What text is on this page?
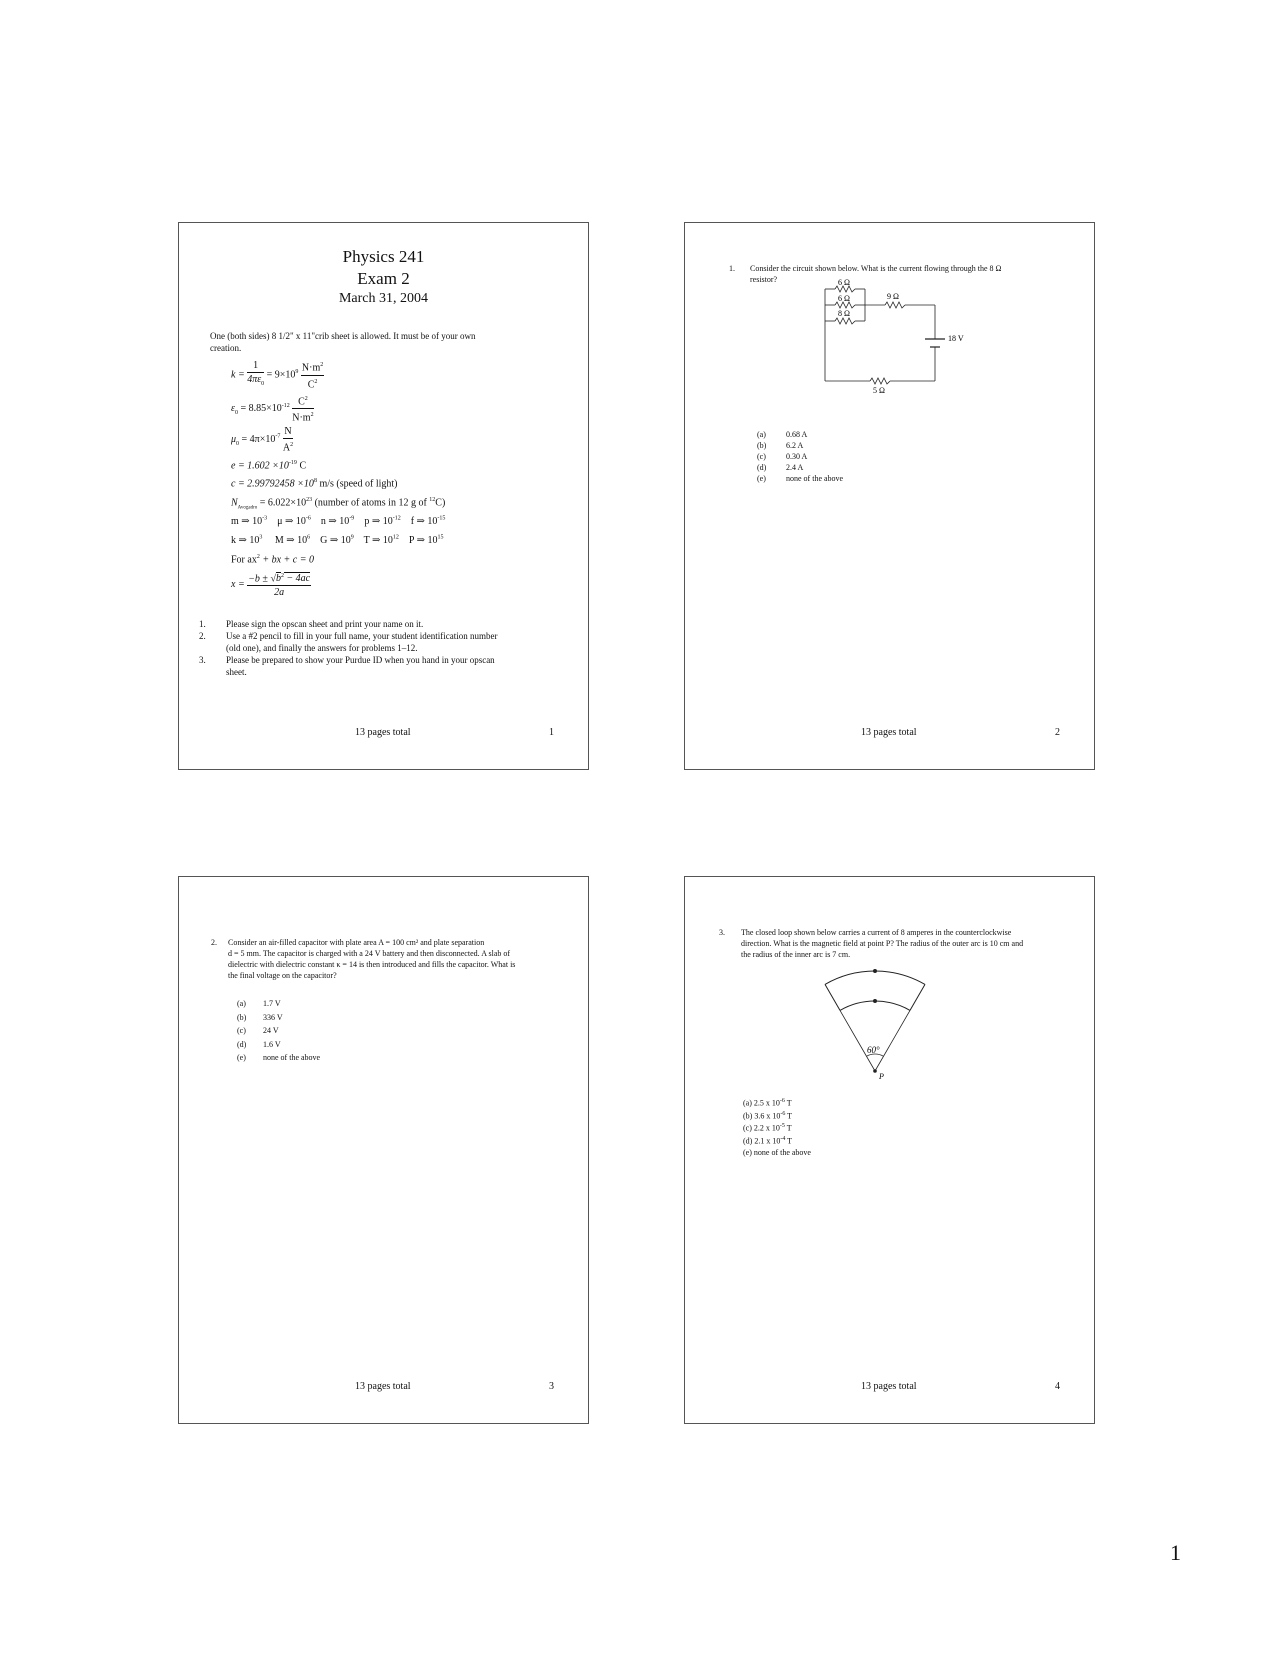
Physics 241
Exam 2
March 31, 2004
One (both sides) 8 1/2" x 11"crib sheet is allowed. It must be of your own
creation.
$k = \frac{1}{4\pi\varepsilon_0} = 9\times 10^9 \frac{N\cdot m^2}{C^2}$
$\varepsilon_0 = 8.85\times 10^{-12} \frac{C^2}{N\cdot m^2}$
$\mu_0 = 4\pi\times 10^{-7} \frac{N}{A^2}$
$e = 1.602 \times 10^{-19}$ C
$c = 2.99792458 \times 10^8$ m/s (speed of light)
$N_{Avogadro} = 6.022\times 10^{23}$ (number of atoms in 12 g of $^{12}$C)
m ⇒ $10^{-3}$ μ ⇒ $10^{-6}$ n ⇒ $10^{-9}$ p ⇒ $10^{-12}$ f ⇒ $10^{-15}$
k ⇒ $10^3$ M ⇒ $10^6$ G ⇒ $10^9$ T ⇒ $10^{12}$ P ⇒ $10^{15}$
For $ax^2$ + bx + c = 0
$x = \frac{-b \pm √b^2 - 4ac}{2a}$
1. Please sign the opscan sheet and print your name on it.
2. Use a #2 pencil to fill in your full name, your student identification number
(old one), and finally the answers for problems 1–12.
3. Please be prepared to show your Purdue ID when you hand in your opscan
sheet.
13 pages total	1
1. Consider the circuit shown below. What is the current flowing through the 8 Ω
resistor?	6 Ω
6 Ω
8 Ω
9 Ω
18 V
5 Ω
(a)	0.68 A
(b) 6.2 A
(c)	0.30 A
(d) 2.4 A
(e)	none of the above
13 pages total	2
2. Consider an air-filled capacitor with plate area A = 100 cm² and plate separation
d = 5 mm. The capacitor is charged with a 24 V battery and then disconnected. A slab of
dielectric with dielectric constant κ = 14 is then introduced and fills the capacitor. What is
the final voltage on the capacitor?
(a) 1.7 V
(b) 336 V
(c) 24 V
(d) 1.6 V
(e) none of the above
13 pages total	3
3. The closed loop shown below carries a current of 8 amperes in the counterclockwise
direction. What is the magnetic field at point P? The radius of the outer arc is 10 cm and
the radius of the inner arc is 7 cm.
60°
P
(a) 2.5 x $10^{-6}$ T
(b) 3.6 x $10^{-6}$ T
(c) 2.2 x $10^{-5}$ T
(d) 2.1 x $10^{-4}$ T
(e) none of the above
13 pages total	4
1
